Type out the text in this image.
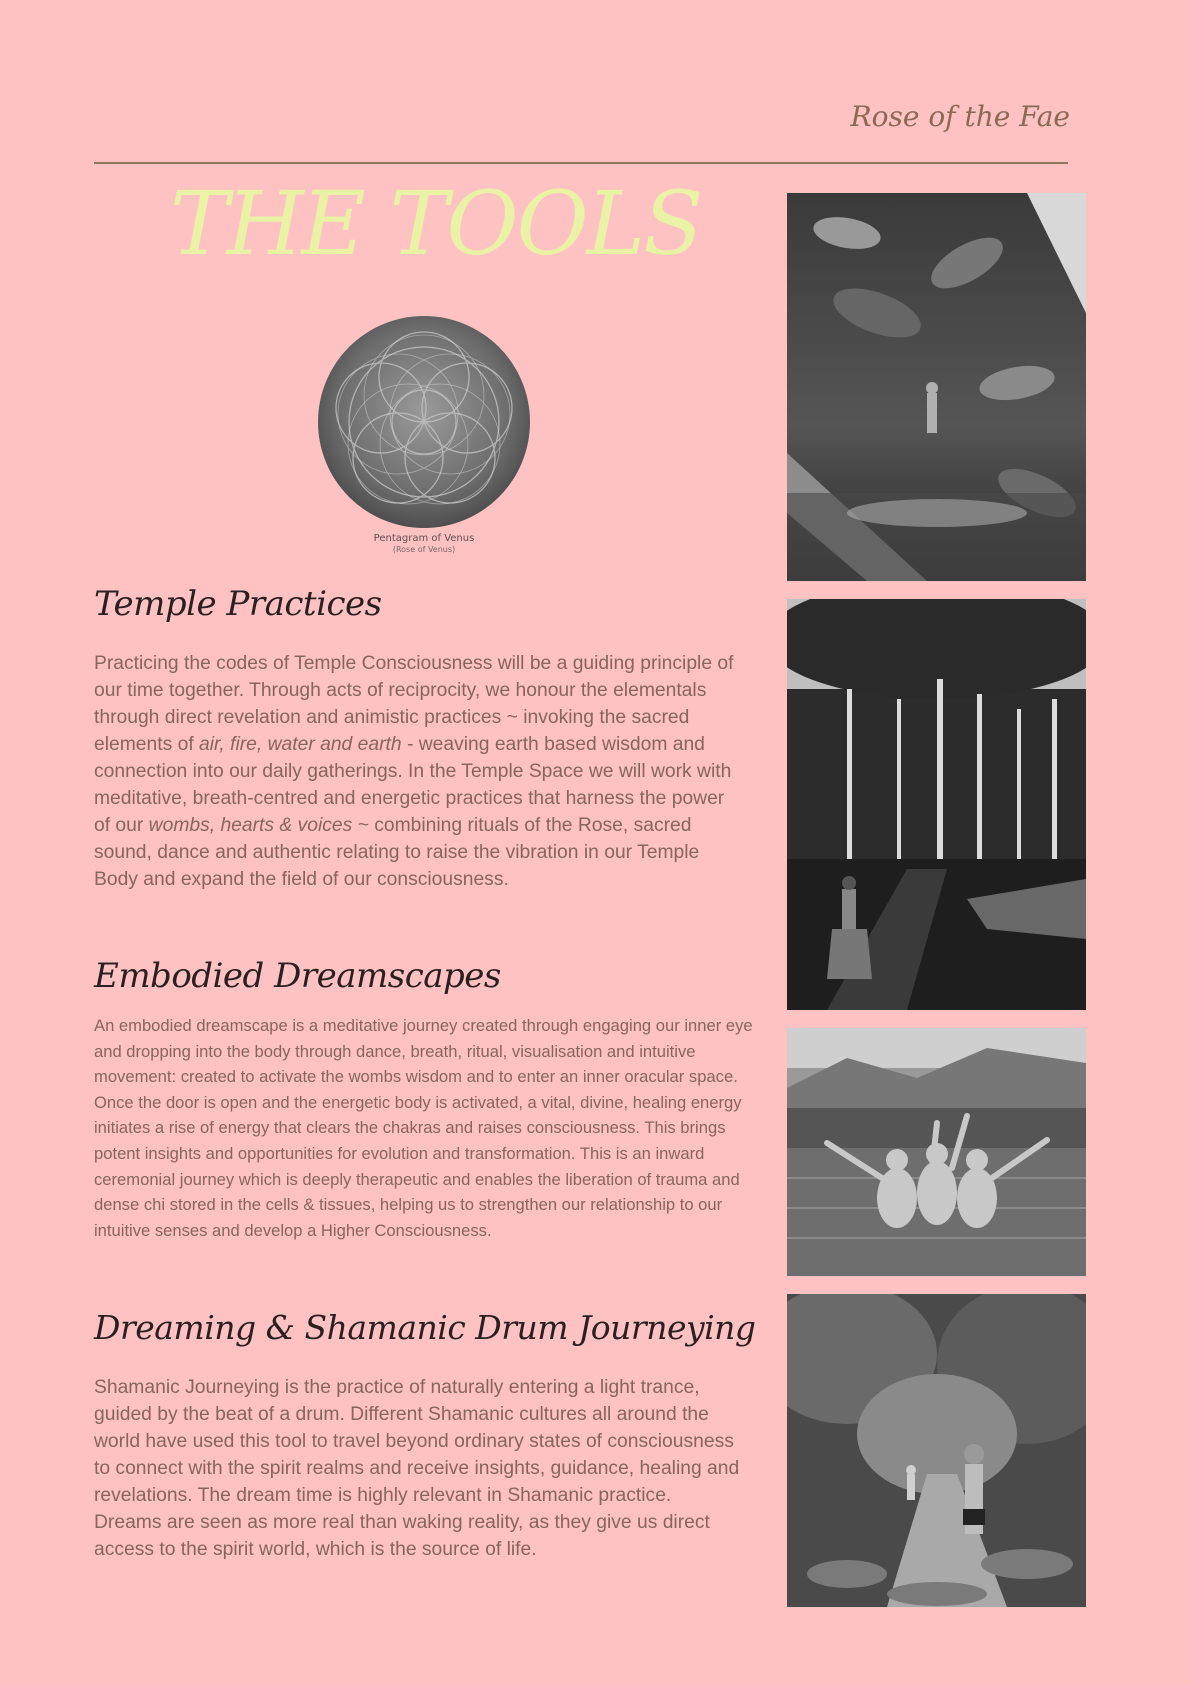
Rose of the Fae
THE TOOLS
Pentagram of Venus
(Rose of Venus)
Temple Practices

Practicing the codes of Temple Consciousness will be a guiding principle of our time together. Through acts of reciprocity, we honour the elementals through direct revelation and animistic practices ~ invoking the sacred elements of air, fire, water and earth - weaving earth based wisdom and connection into our daily gatherings. In the Temple Space we will work with meditative, breath-centred and energetic practices that harness the power of our wombs, hearts & voices ~ combining rituals of the Rose, sacred sound, dance and authentic relating to raise the vibration in our Temple Body and expand the field of our consciousness.

Embodied Dreamscapes

An embodied dreamscape is a meditative journey created through engaging our inner eye and dropping into the body through dance, breath, ritual, visualisation and intuitive movement: created to activate the wombs wisdom and to enter an inner oracular space. Once the door is open and the energetic body is activated, a vital, divine, healing energy initiates a rise of energy that clears the chakras and raises consciousness. This brings potent insights and opportunities for evolution and transformation. This is an inward ceremonial journey which is deeply therapeutic and enables the liberation of trauma and dense chi stored in the cells & tissues, helping us to strengthen our relationship to our intuitive senses and develop a Higher Consciousness.

Dreaming & Shamanic Drum Journeying

Shamanic Journeying is the practice of naturally entering a light trance, guided by the beat of a drum. Different Shamanic cultures all around the world have used this tool to travel beyond ordinary states of consciousness to connect with the spirit realms and receive insights, guidance, healing and revelations. The dream time is highly relevant in Shamanic practice. Dreams are seen as more real than waking reality, as they give us direct access to the spirit world, which is the source of life.
